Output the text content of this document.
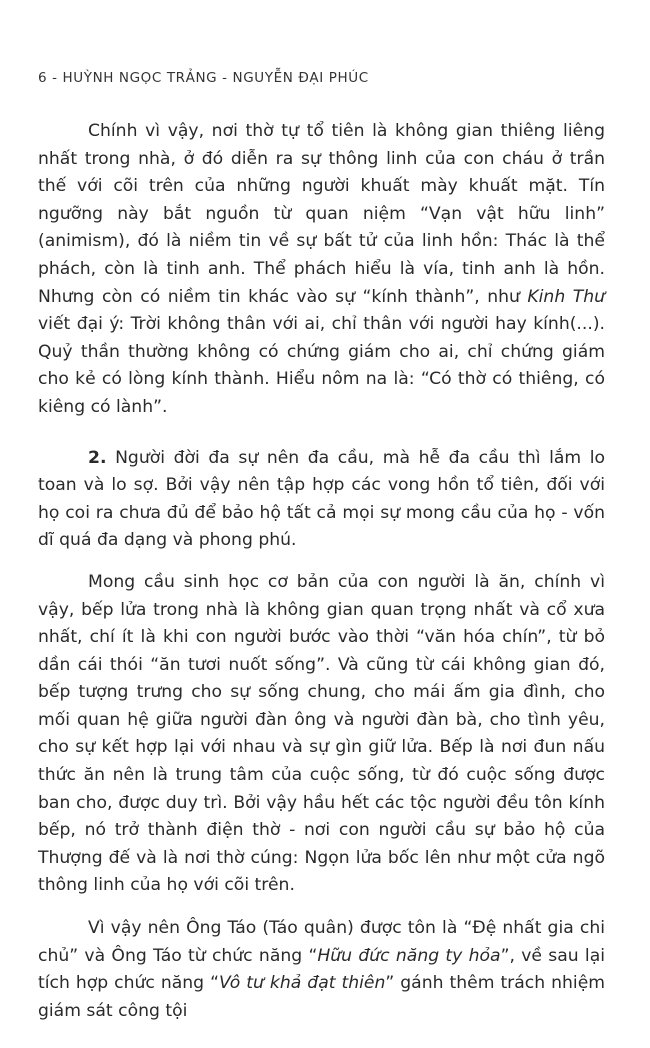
6 - HUỲNH NGỌC TRẢNG - NGUYỄN ĐẠI PHÚC

Chính vì vậy, nơi thờ tự tổ tiên là không gian thiêng liêng nhất trong nhà, ở đó diễn ra sự thông linh của con cháu ở trần thế với cõi trên của những người khuất mày khuất mặt. Tín ngưỡng này bắt nguồn từ quan niệm “Vạn vật hữu linh” (animism), đó là niềm tin về sự bất tử của linh hồn: Thác là thể phách, còn là tinh anh. Thể phách hiểu là vía, tinh anh là hồn. Nhưng còn có niềm tin khác vào sự “kính thành”, như Kinh Thư viết đại ý: Trời không thân với ai, chỉ thân với người hay kính(...). Quỷ thần thường không có chứng giám cho ai, chỉ chứng giám cho kẻ có lòng kính thành. Hiểu nôm na là: “Có thờ có thiêng, có kiêng có lành”.

2. Người đời đa sự nên đa cầu, mà hễ đa cầu thì lắm lo toan và lo sợ. Bởi vậy nên tập hợp các vong hồn tổ tiên, đối với họ coi ra chưa đủ để bảo hộ tất cả mọi sự mong cầu của họ - vốn dĩ quá đa dạng và phong phú.

Mong cầu sinh học cơ bản của con người là ăn, chính vì vậy, bếp lửa trong nhà là không gian quan trọng nhất và cổ xưa nhất, chí ít là khi con người bước vào thời “văn hóa chín”, từ bỏ dần cái thói “ăn tươi nuốt sống”. Và cũng từ cái không gian đó, bếp tượng trưng cho sự sống chung, cho mái ấm gia đình, cho mối quan hệ giữa người đàn ông và người đàn bà, cho tình yêu, cho sự kết hợp lại với nhau và sự gìn giữ lửa. Bếp là nơi đun nấu thức ăn nên là trung tâm của cuộc sống, từ đó cuộc sống được ban cho, được duy trì. Bởi vậy hầu hết các tộc người đều tôn kính bếp, nó trở thành điện thờ - nơi con người cầu sự bảo hộ của Thượng đế và là nơi thờ cúng: Ngọn lửa bốc lên như một cửa ngõ thông linh của họ với cõi trên.

Vì vậy nên Ông Táo (Táo quân) được tôn là “Đệ nhất gia chi chủ” và Ông Táo từ chức năng “Hữu đức năng ty hỏa”, về sau lại tích hợp chức năng “Vô tư khả đạt thiên” gánh thêm trách nhiệm giám sát công tội
